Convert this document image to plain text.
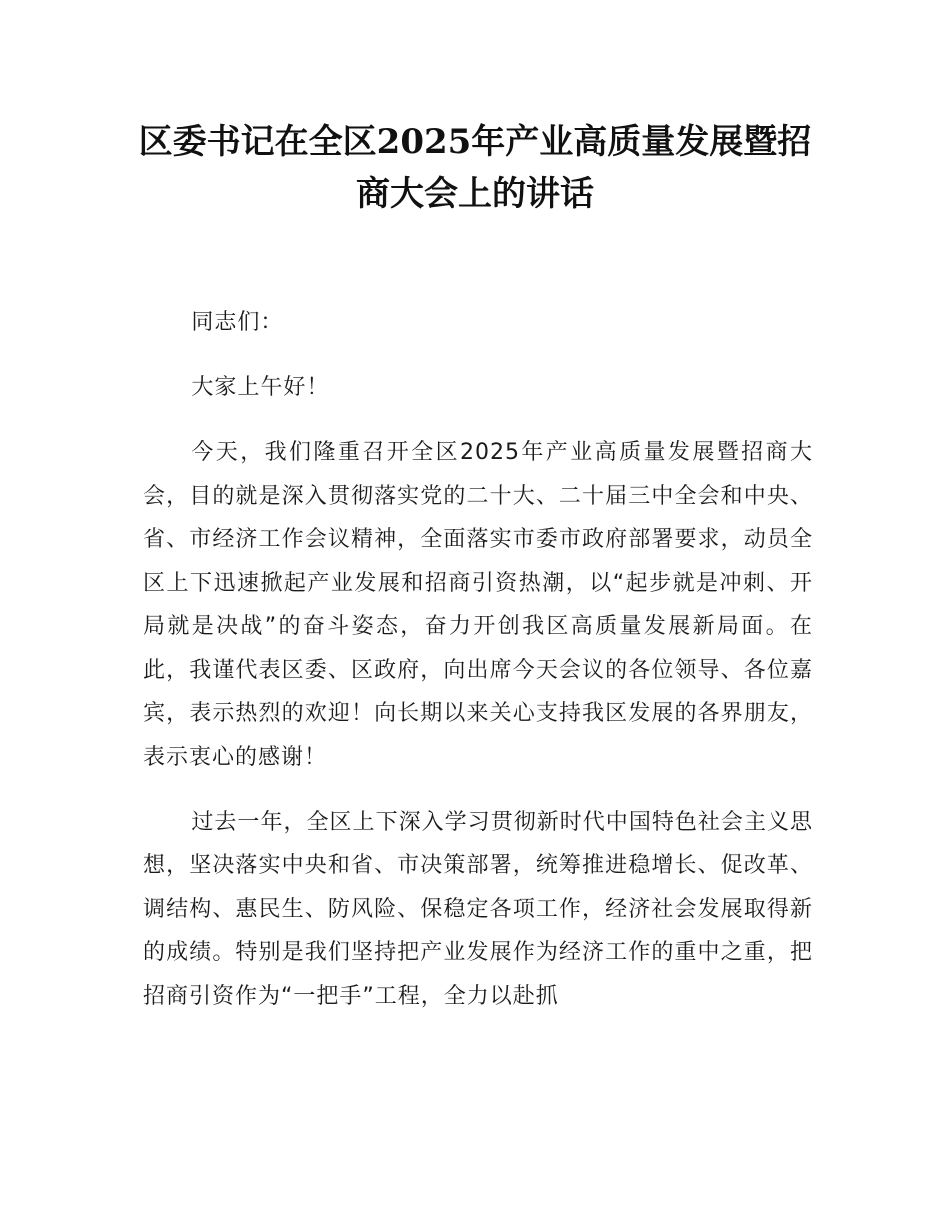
区委书记在全区2025年产业高质量发展暨招
商大会上的讲话

同志们：

大家上午好！

今天，我们隆重召开全区2025年产业高质量发展暨招商大会，目的就是深入贯彻落实党的二十大、二十届三中全会和中央、省、市经济工作会议精神，全面落实市委市政府部署要求，动员全区上下迅速掀起产业发展和招商引资热潮，以“起步就是冲刺、开局就是决战”的奋斗姿态，奋力开创我区高质量发展新局面。在此，我谨代表区委、区政府，向出席今天会议的各位领导、各位嘉宾，表示热烈的欢迎！向长期以来关心支持我区发展的各界朋友，表示衷心的感谢！

过去一年，全区上下深入学习贯彻新时代中国特色社会主义思想，坚决落实中央和省、市决策部署，统筹推进稳增长、促改革、调结构、惠民生、防风险、保稳定各项工作，经济社会发展取得新的成绩。特别是我们坚持把产业发展作为经济工作的重中之重，把招商引资作为“一把手”工程，全力以赴抓
